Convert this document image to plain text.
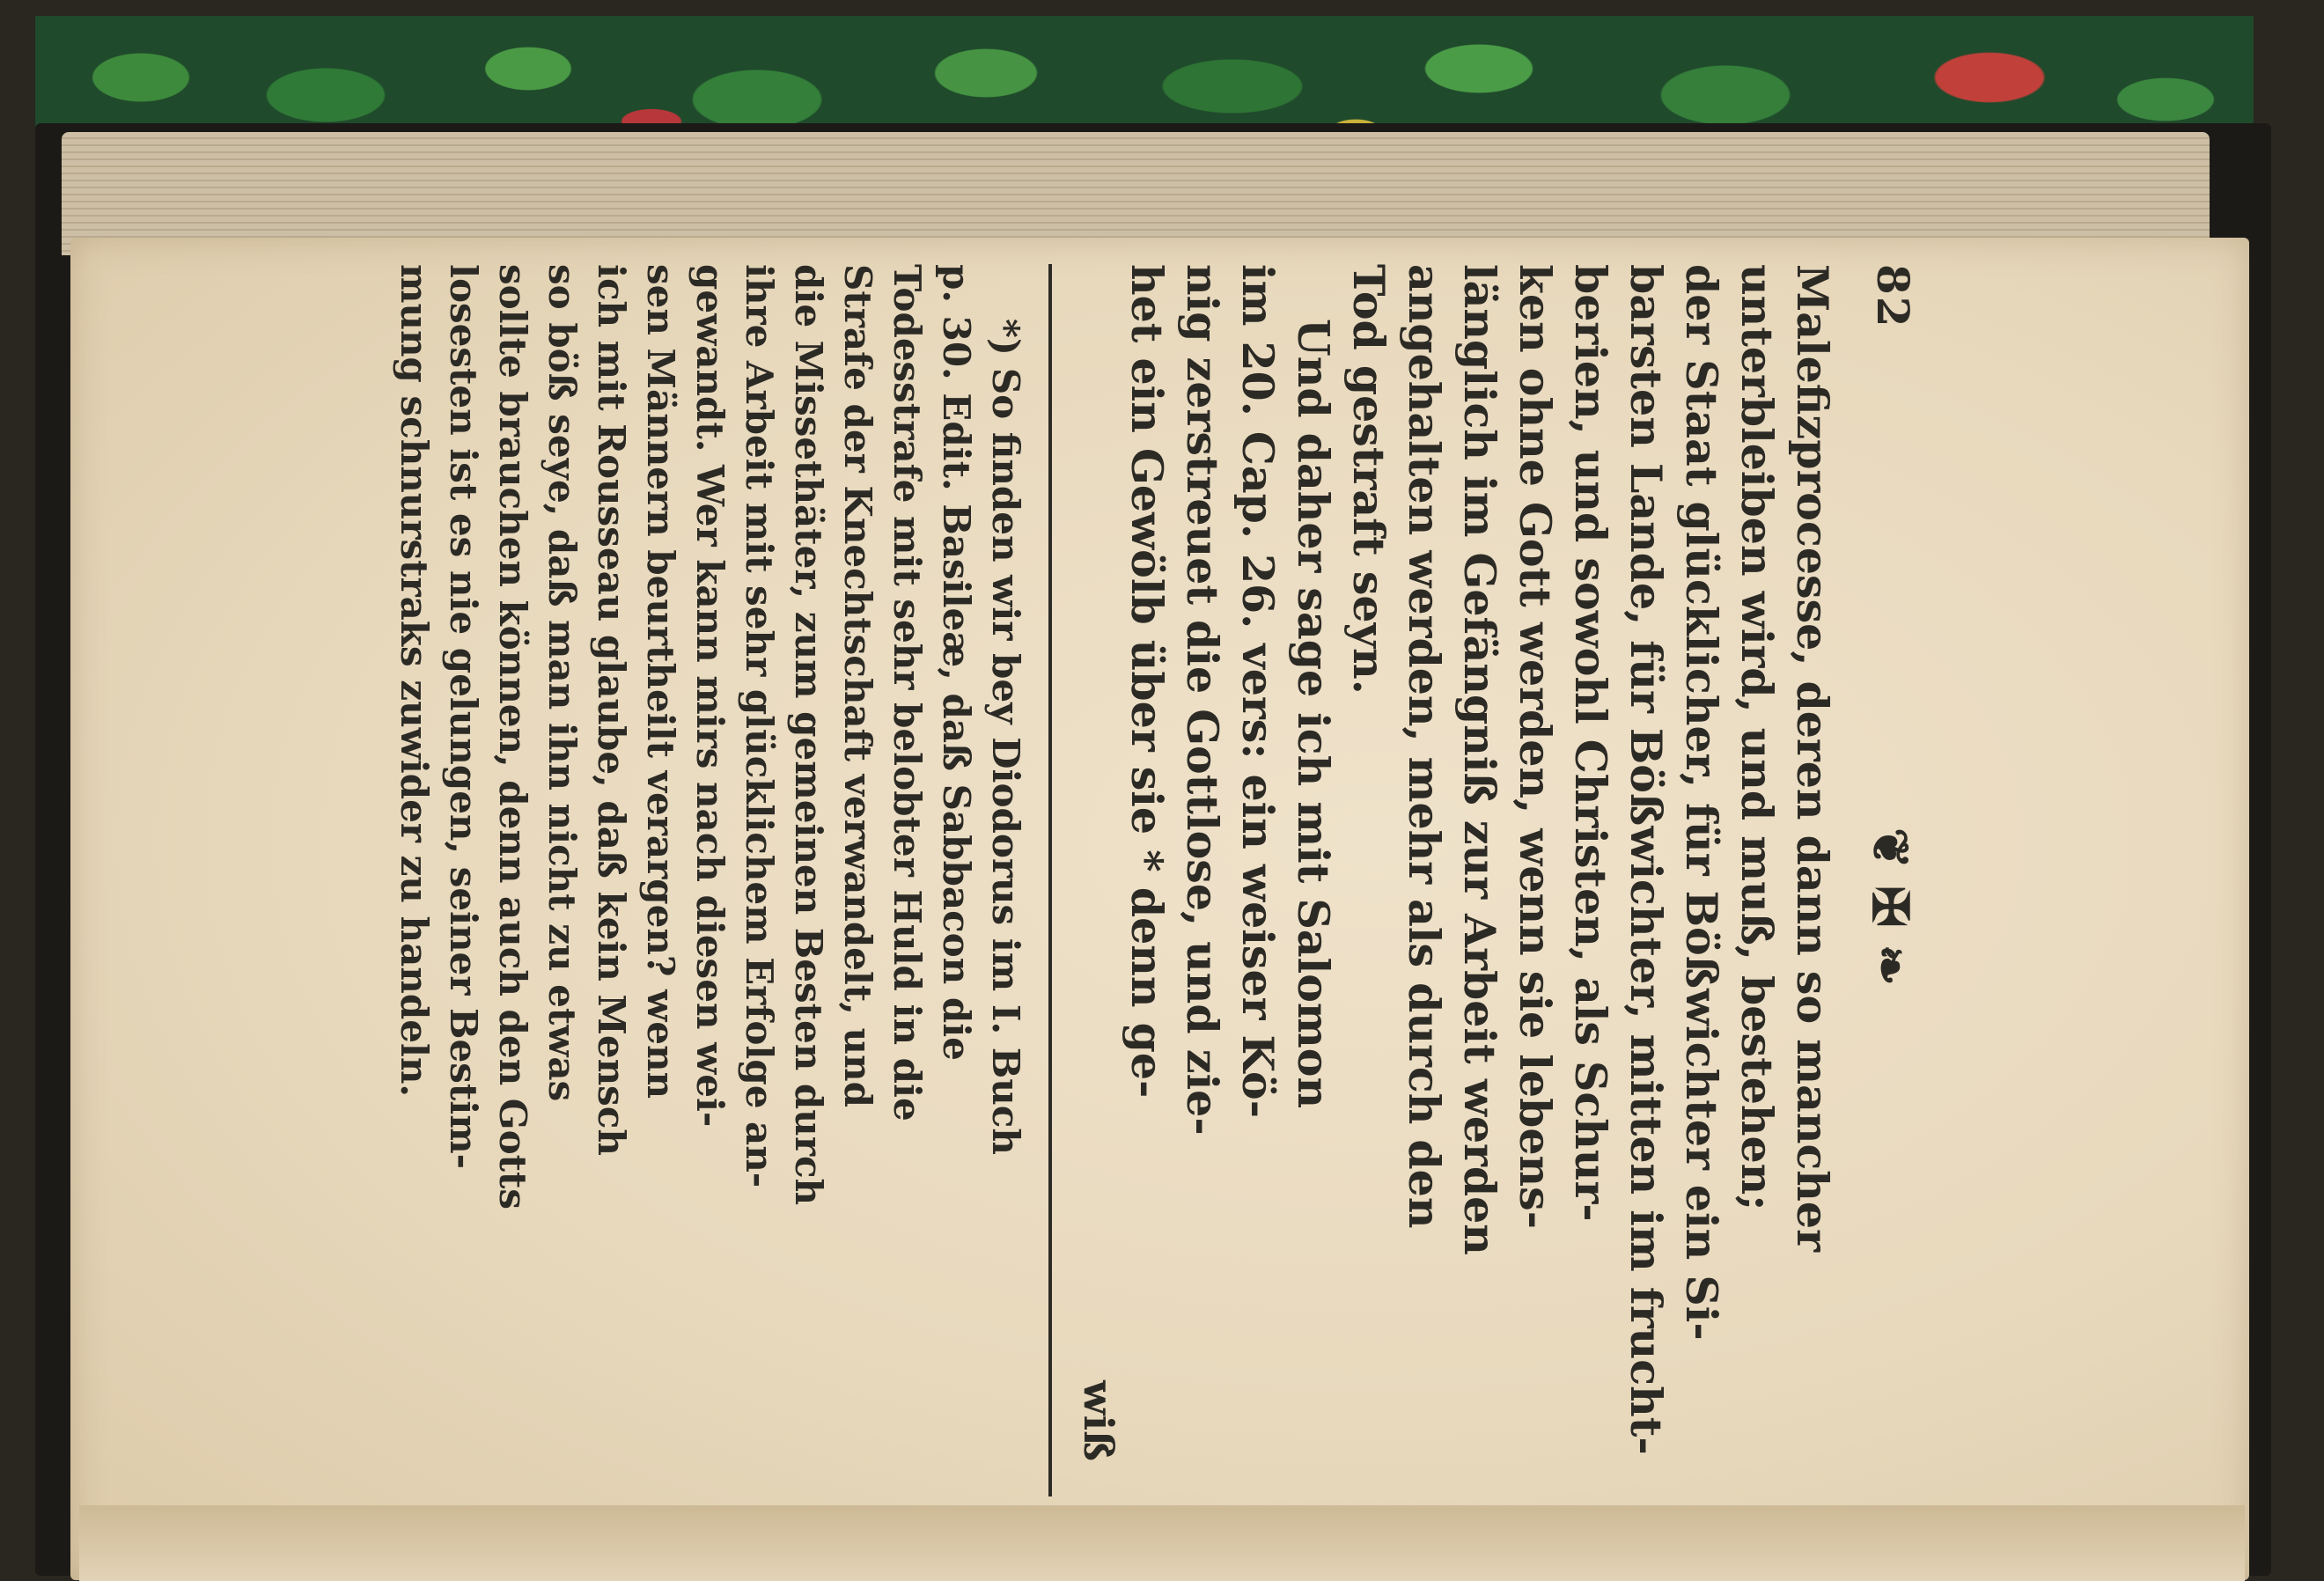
82
❦ ✠ ❧
Malefizprocesse, deren dann so mancher
unterbleiben wird, und muß, bestehen;
der Staat glücklicher, für Bößwichter ein Si-
barsten Lande, für Bößwichter, mitten im frucht-
berien, und sowohl Christen, als Schur-
ken ohne Gott werden, wenn sie lebens-
länglich im Gefängniß zur Arbeit werden
angehalten werden, mehr als durch den
Tod gestraft seyn.
Und daher sage ich mit Salomon
im 20. Cap. 26. vers: ein weiser Kö-
nig zerstreuet die Gottlose, und zie-
het ein Gewölb über sie * denn ge-
wiß
*)So finden wir bey Diodorus im I. Buch
p. 30. Edit. Basileæ, daß Sabbacon die
Todesstrafe mit sehr belobter Huld in die
Strafe der Knechtschaft verwandelt, und
die Missethäter, zum gemeinen Besten durch
ihre Arbeit mit sehr glücklichem Erfolge an-
gewandt. Wer kann mirs nach diesen wei-
sen Männern beurtheilt verargen? wenn
ich mit Rousseau glaube, daß kein Mensch
so böß seye, daß man ihn nicht zu etwas
sollte brauchen können, denn auch den Gotts
losesten ist es nie gelungen, seiner Bestim-
mung schnurstraks zuwider zu handeln.
